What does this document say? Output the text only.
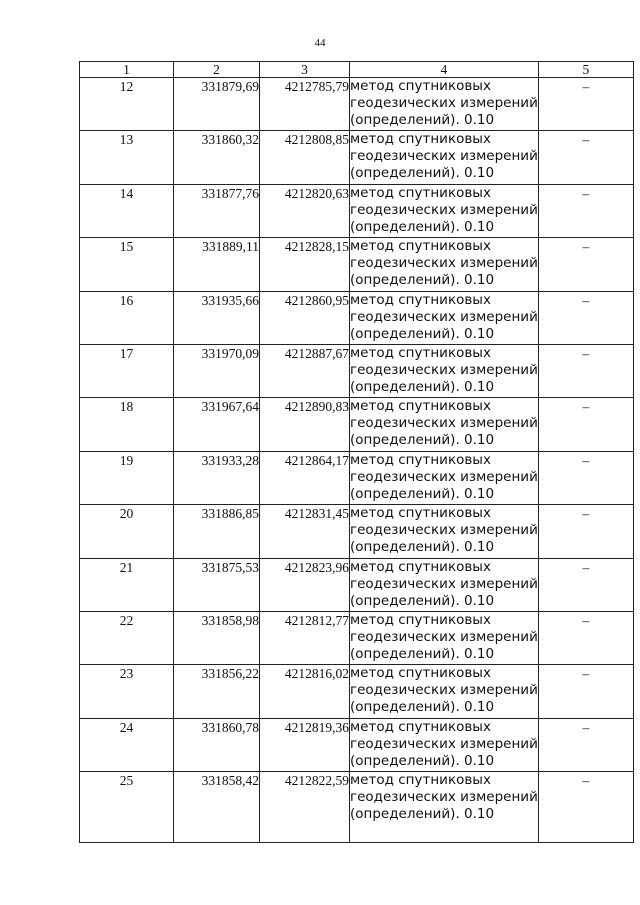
44
1	2	3	4	5
12	331879,69	4212785,79	метод спутниковых
геодезических измерений
(определений). 0.10	–
13	331860,32	4212808,85	метод спутниковых
геодезических измерений
(определений). 0.10	–
14	331877,76	4212820,63	метод спутниковых
геодезических измерений
(определений). 0.10	–
15	331889,11	4212828,15	метод спутниковых
геодезических измерений
(определений). 0.10	–
16	331935,66	4212860,95	метод спутниковых
геодезических измерений
(определений). 0.10	–
17	331970,09	4212887,67	метод спутниковых
геодезических измерений
(определений). 0.10	–
18	331967,64	4212890,83	метод спутниковых
геодезических измерений
(определений). 0.10	–
19	331933,28	4212864,17	метод спутниковых
геодезических измерений
(определений). 0.10	–
20	331886,85	4212831,45	метод спутниковых
геодезических измерений
(определений). 0.10	–
21	331875,53	4212823,96	метод спутниковых
геодезических измерений
(определений). 0.10	–
22	331858,98	4212812,77	метод спутниковых
геодезических измерений
(определений). 0.10	–
23	331856,22	4212816,02	метод спутниковых
геодезических измерений
(определений). 0.10	–
24	331860,78	4212819,36	метод спутниковых
геодезических измерений
(определений). 0.10	–
25	331858,42	4212822,59	метод спутниковых
геодезических измерений
(определений). 0.10	–
